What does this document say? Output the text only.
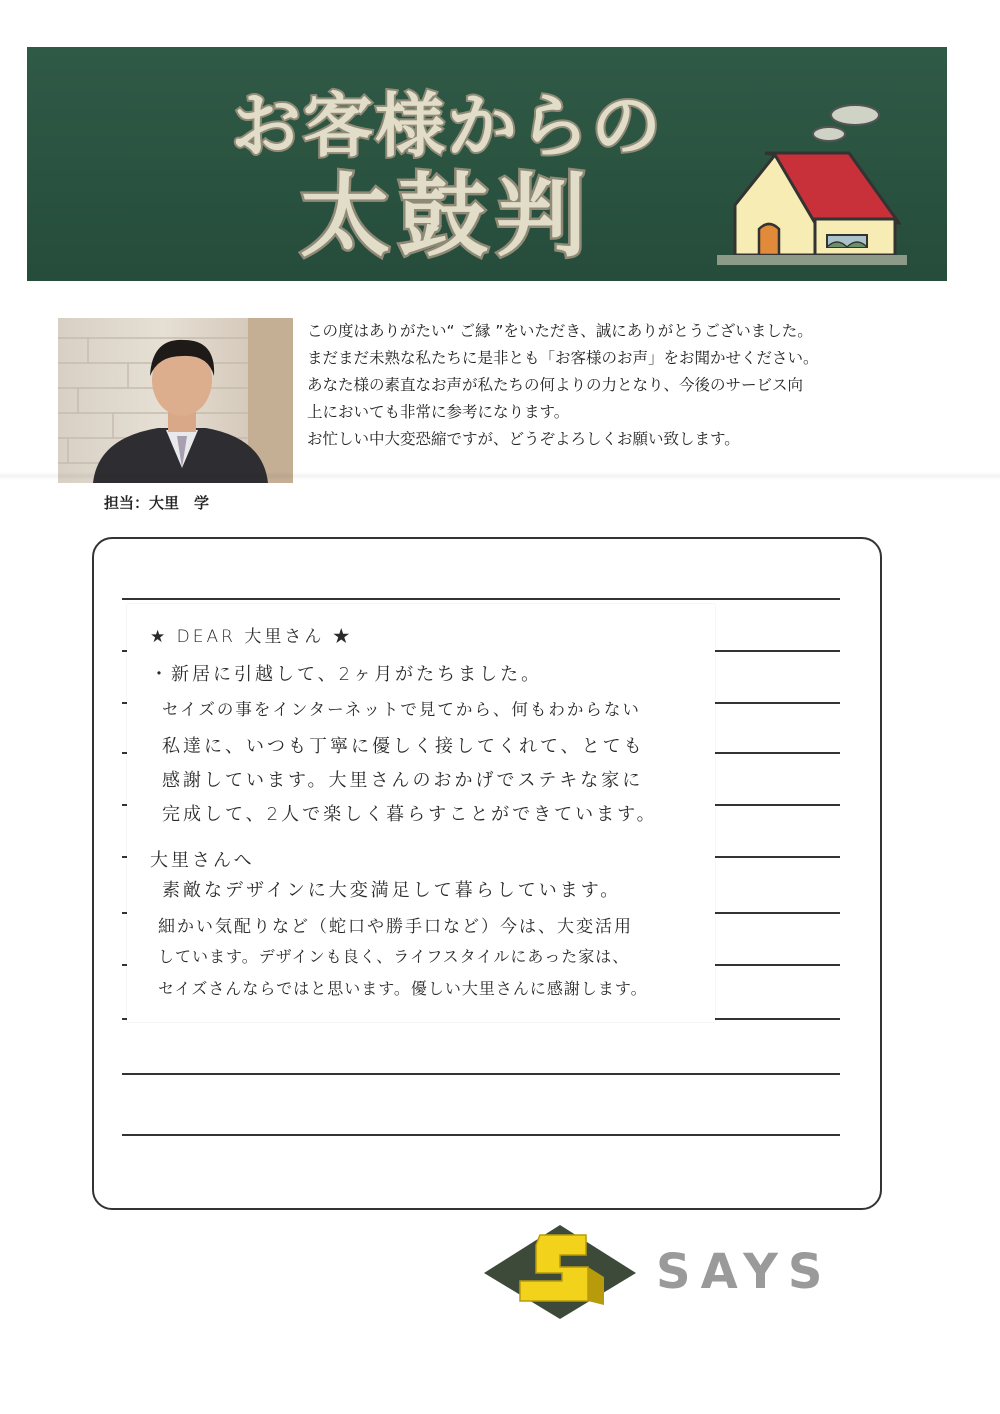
お客様からの
太鼓判
担当：大里　学
この度はありがたい“ ご縁 ”をいただき、誠にありがとうございました。
まだまだ未熟な私たちに是非とも「お客様のお声」をお聞かせください。
あなた様の素直なお声が私たちの何よりの力となり、今後のサービス向
上においても非常に参考になります。
お忙しい中大変恐縮ですが、どうぞよろしくお願い致します。
★ DEAR 大里さん ★
・新居に引越して、2ヶ月がたちました。
セイズの事をインターネットで見てから、何もわからない
私達に、いつも丁寧に優しく接してくれて、とても
感謝しています。大里さんのおかげでステキな家に
完成して、2人で楽しく暮らすことができています。
大里さんへ
素敵なデザインに大変満足して暮らしています。
細かい気配りなど（蛇口や勝手口など）今は、大変活用
しています。デザインも良く、ライフスタイルにあった家は、
セイズさんならではと思います。優しい大里さんに感謝します。
SAYS
